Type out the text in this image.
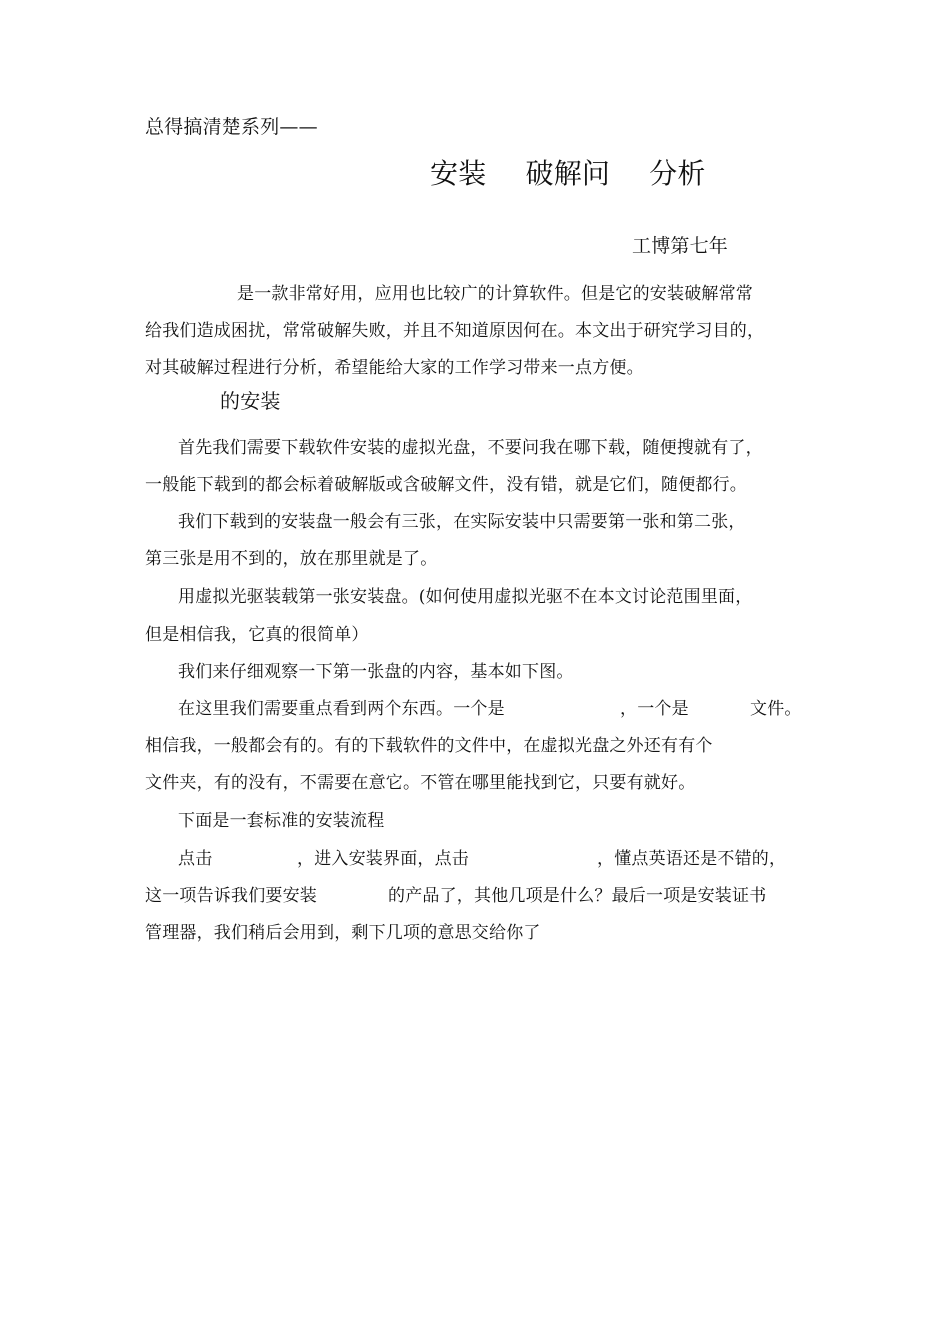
总得搞清楚系列——
安装 破解问 分析
工博第七年
是一款非常好用，应用也比较广的计算软件。但是它的安装破解常常
给我们造成困扰，常常破解失败，并且不知道原因何在。本文出于研究学习目的，
对其破解过程进行分析，希望能给大家的工作学习带来一点方便。
的安装
首先我们需要下载软件安装的虚拟光盘，不要问我在哪下载，随便搜就有了，
一般能下载到的都会标着破解版或含破解文件，没有错，就是它们，随便都行。
我们下载到的安装盘一般会有三张，在实际安装中只需要第一张和第二张，
第三张是用不到的，放在那里就是了。
用虚拟光驱装载第一张安装盘。(如何使用虚拟光驱不在本文讨论范围里面，
但是相信我，它真的很简单）
我们来仔细观察一下第一张盘的内容，基本如下图。
在这里我们需要重点看到两个东西。一个是	，一个是	文件。
相信我，一般都会有的。有的下载软件的文件中，在虚拟光盘之外还有有个
文件夹，有的没有，不需要在意它。不管在哪里能找到它，只要有就好。
下面是一套标准的安装流程
点击	，进入安装界面，点击	，懂点英语还是不错的，
这一项告诉我们要安装	的产品了，其他几项是什么？最后一项是安装证书
管理器，我们稍后会用到，剩下几项的意思交给你了
